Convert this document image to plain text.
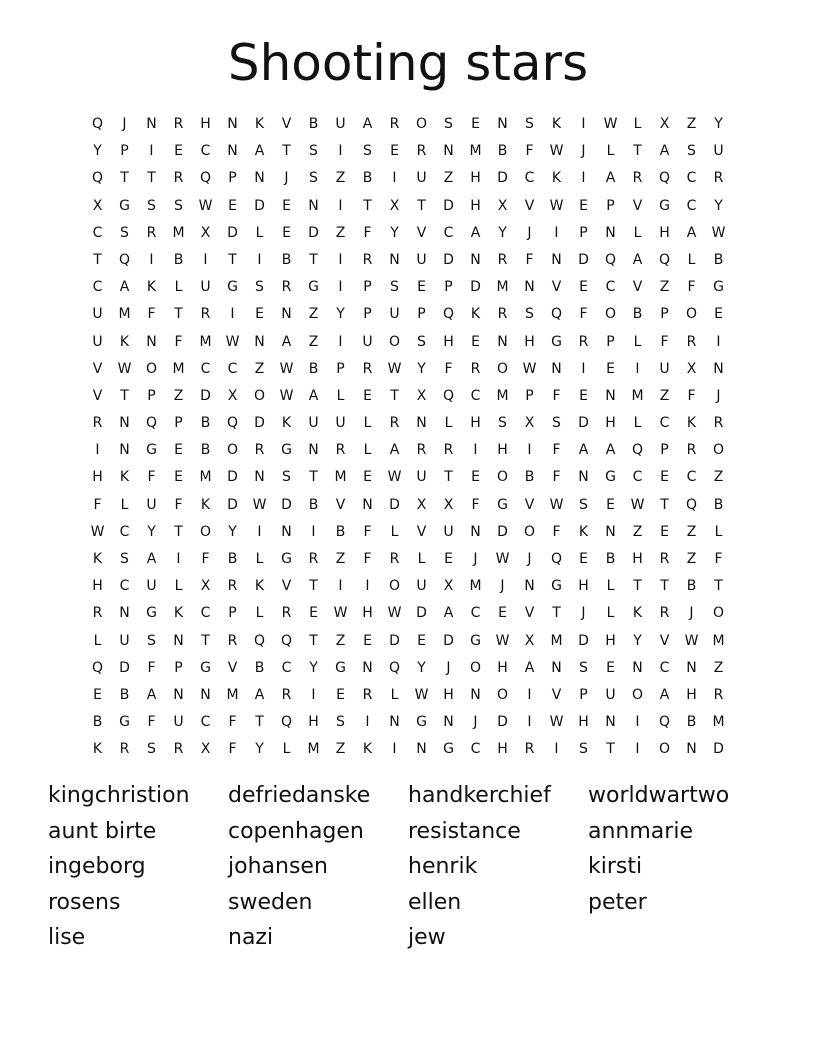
Shooting stars
Q	J	N	R	H	N	K	V	B	U	A	R	O	S	E	N	S	K	I	W	L	X	Z	Y
Y	P	I	E	C	N	A	T	S	I	S	E	R	N	M	B	F	W	J	L	T	A	S	U
Q	T	T	R	Q	P	N	J	S	Z	B	I	U	Z	H	D	C	K	I	A	R	Q	C	R
X	G	S	S	W	E	D	E	N	I	T	X	T	D	H	X	V	W	E	P	V	G	C	Y
C	S	R	M	X	D	L	E	D	Z	F	Y	V	C	A	Y	J	I	P	N	L	H	A	W
T	Q	I	B	I	T	I	B	T	I	R	N	U	D	N	R	F	N	D	Q	A	Q	L	B
C	A	K	L	U	G	S	R	G	I	P	S	E	P	D	M	N	V	E	C	V	Z	F	G
U	M	F	T	R	I	E	N	Z	Y	P	U	P	Q	K	R	S	Q	F	O	B	P	O	E
U	K	N	F	M	W	N	A	Z	I	U	O	S	H	E	N	H	G	R	P	L	F	R	I
V	W	O	M	C	C	Z	W	B	P	R	W	Y	F	R	O	W	N	I	E	I	U	X	N
V	T	P	Z	D	X	O	W	A	L	E	T	X	Q	C	M	P	F	E	N	M	Z	F	J
R	N	Q	P	B	Q	D	K	U	U	L	R	N	L	H	S	X	S	D	H	L	C	K	R
I	N	G	E	B	O	R	G	N	R	L	A	R	R	I	H	I	F	A	A	Q	P	R	O
H	K	F	E	M	D	N	S	T	M	E	W	U	T	E	O	B	F	N	G	C	E	C	Z
F	L	U	F	K	D	W	D	B	V	N	D	X	X	F	G	V	W	S	E	W	T	Q	B
W	C	Y	T	O	Y	I	N	I	B	F	L	V	U	N	D	O	F	K	N	Z	E	Z	L
K	S	A	I	F	B	L	G	R	Z	F	R	L	E	J	W	J	Q	E	B	H	R	Z	F
H	C	U	L	X	R	K	V	T	I	I	O	U	X	M	J	N	G	H	L	T	T	B	T
R	N	G	K	C	P	L	R	E	W	H	W	D	A	C	E	V	T	J	L	K	R	J	O
L	U	S	N	T	R	Q	Q	T	Z	E	D	E	D	G	W	X	M	D	H	Y	V	W	M
Q	D	F	P	G	V	B	C	Y	G	N	Q	Y	J	O	H	A	N	S	E	N	C	N	Z
E	B	A	N	N	M	A	R	I	E	R	L	W	H	N	O	I	V	P	U	O	A	H	R
B	G	F	U	C	F	T	Q	H	S	I	N	G	N	J	D	I	W	H	N	I	Q	B	M
K	R	S	R	X	F	Y	L	M	Z	K	I	N	G	C	H	R	I	S	T	I	O	N	D
kingchristion	defriedanske	handkerchief	worldwartwo
aunt birte	copenhagen	resistance	annmarie
ingeborg	johansen	henrik	kirsti
rosens	sweden	ellen	peter
lise	nazi	jew
